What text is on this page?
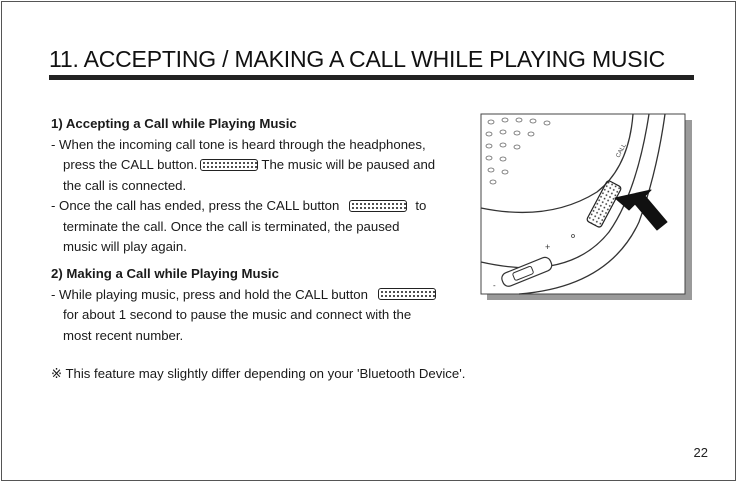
11. ACCEPTING / MAKING A CALL WHILE PLAYING MUSIC
1) Accepting a Call while Playing Music
- When the incoming call tone is heard through the headphones,
press the CALL button.	The music will be paused and
the call is connected.
- Once the call has ended, press the CALL button	to
terminate the call. Once the call is terminated, the paused
music will play again.
2) Making a Call while Playing Music
- While playing music, press and hold the CALL button
for about 1 second to pause the music and connect with the
most recent number.
※ This feature may slightly differ depending on your 'Bluetooth Device'.
CALL
+
-
22
